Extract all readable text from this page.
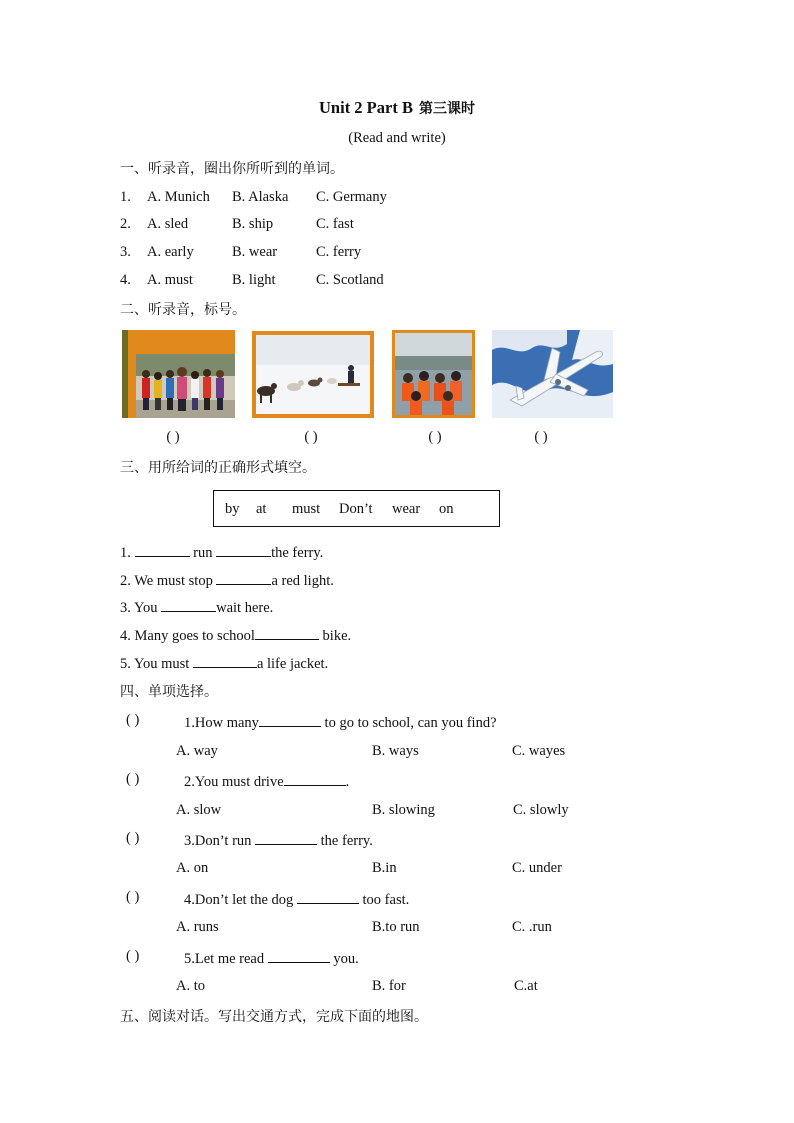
Unit 2 Part B 第三课时
(Read and write)
一、听录音，圈出你所听到的单词。
1. A. Munich B. Alaska C. Germany
2. A. sled	B. ship	C. fast
3. A. early	B. wear	C. ferry
4. A. must	B. light	C. Scotland
二、听录音，标号。
( )	( )	( )	( )
三、用所给词的正确形式填空。
by at must Don’t wear on
1.	run	the ferry.
2. We must stop	a red light.
3. You	wait here.
4. Many goes to school	bike.
5. You must	a life jacket.
四、单项选择。
( )	1.How many	to go to school, can you find?
A. way	B. ways	C. wayes
( )	2.You must drive	.
A. slow	B. slowing	C. slowly
( )	3.Don’t run	the ferry.
A. on	B.in	C. under
( )	4.Don’t let the dog	too fast.
A. runs	B.to run	C. .run
( )	5.Let me read	you.
A. to	B. for	C.at
五、阅读对话。写出交通方式，完成下面的地图。
